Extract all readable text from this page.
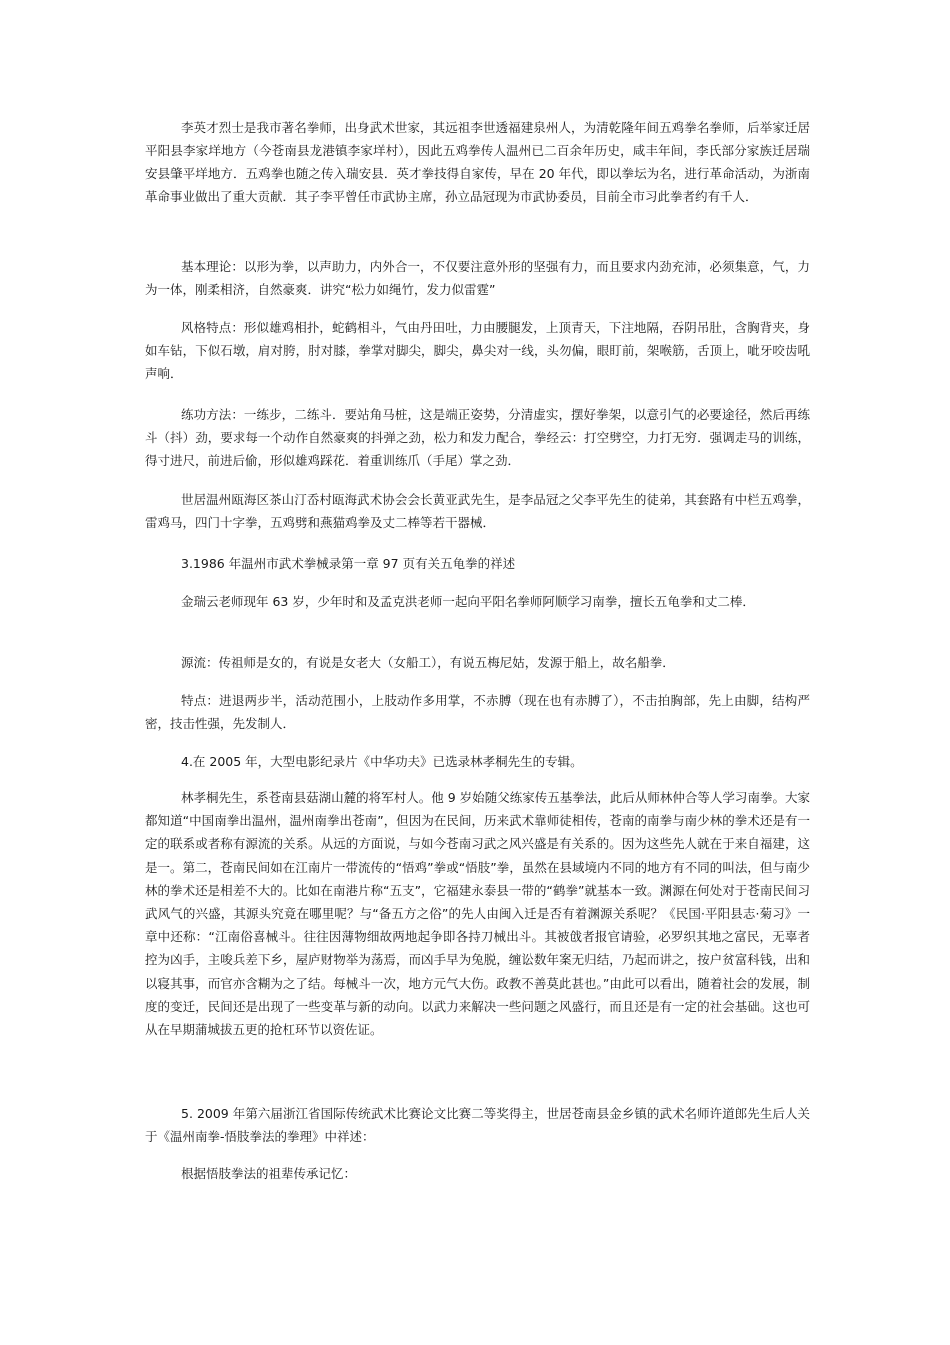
李英才烈士是我市著名拳师，出身武术世家，其远祖李世透福建泉州人，为清乾隆年间五鸡拳名拳师，后举家迁居平阳县李家垟地方（今苍南县龙港镇李家垟村），因此五鸡拳传人温州已二百余年历史，咸丰年间，李氏部分家族迁居瑞安县肇平垟地方．五鸡拳也随之传入瑞安县．英才拳技得自家传，早在 20 年代，即以拳坛为名，进行革命活动，为浙南革命事业做出了重大贡献．其子李平曾任市武协主席，孙立品冠现为市武协委员，目前全市习此拳者约有千人．

基本理论：以形为拳，以声助力，内外合一，不仅要注意外形的坚强有力，而且要求内劲充沛，必须集意，气，力为一体，刚柔相济，自然豪爽．讲究“松力如绳竹，发力似雷霆”

风格特点：形似雄鸡相扑，蛇鹤相斗，气由丹田吐，力由腰腿发，上顶青天，下注地隔，吞阴吊肚，含胸背夹，身如车钻，下似石墩，肩对胯，肘对膝，拳掌对脚尖，脚尖，鼻尖对一线，头勿偏，眼盯前，架喉筋，舌顶上，呲牙咬齿吼声响．

练功方法：一练步，二练斗．要站角马桩，这是端正姿势，分清虚实，摆好拳架，以意引气的必要途径，然后再练斗（抖）劲，要求每一个动作自然豪爽的抖弹之劲，松力和发力配合，拳经云：打空劈空，力打无穷．强调走马的训练，得寸进尺，前进后偷，形似雄鸡踩花．着重训练爪（手尾）掌之劲．

世居温州瓯海区茶山汀岙村瓯海武术协会会长黄亚武先生，是李品冠之父李平先生的徒弟，其套路有中栏五鸡拳，雷鸡马，四门十字拳，五鸡劈和燕猫鸡拳及丈二棒等若干器械．

3.1986 年温州市武术拳械录第一章 97 页有关五龟拳的祥述

金瑞云老师现年 63 岁，少年时和及孟克洪老师一起向平阳名拳师阿顺学习南拳，擅长五龟拳和丈二棒．

源流：传祖师是女的，有说是女老大（女船工），有说五梅尼姑，发源于船上，故名船拳．

特点：进退两步半，活动范围小，上肢动作多用掌，不赤膊（现在也有赤膊了），不击拍胸部，先上由脚，结构严密，技击性强，先发制人．

4.在 2005 年，大型电影纪录片《中华功夫》已选录林孝桐先生的专辑。

林孝桐先生，系苍南县菇湖山麓的将军村人。他 9 岁始随父练家传五基拳法，此后从师林仲合等人学习南拳。大家都知道“中国南拳出温州，温州南拳出苍南”，但因为在民间，历来武术靠师徒相传，苍南的南拳与南少林的拳术还是有一定的联系或者称有源流的关系。从远的方面说，与如今苍南习武之风兴盛是有关系的。因为这些先人就在于来自福建，这是一。第二，苍南民间如在江南片一带流传的“悟鸡”拳或“悟肢”拳，虽然在县域境内不同的地方有不同的叫法，但与南少林的拳术还是相差不大的。比如在南港片称“五支”，它福建永泰县一带的“鹤拳”就基本一致。渊源在何处对于苍南民间习武风气的兴盛，其源头究竟在哪里呢？与“备五方之俗”的先人由闽入迁是否有着渊源关系呢？《民国·平阳县志·菊习》一章中还称：“江南俗喜械斗。往往因薄物细故两地起争即各持刀械出斗。其被戗者报官请验，必罗织其地之富民，无辜者控为凶手，主唆兵差下乡，屋庐财物举为荡焉，而凶手早为兔脱，缠讼数年案无归结，乃起而讲之，按户贫富科钱，出和以寝其事，而官亦含糊为之了结。每械斗一次，地方元气大伤。政教不善莫此甚也。”由此可以看出，随着社会的发展，制度的变迁，民间还是出现了一些变革与新的动向。以武力来解决一些问题之风盛行，而且还是有一定的社会基础。这也可从在早期蒲城拔五更的抢杠环节以资佐证。

5. 2009 年第六届浙江省国际传统武术比赛论文比赛二等奖得主，世居苍南县金乡镇的武术名师许道郎先生后人关于《温州南拳-悟肢拳法的拳理》中祥述：

根据悟肢拳法的祖辈传承记忆：
